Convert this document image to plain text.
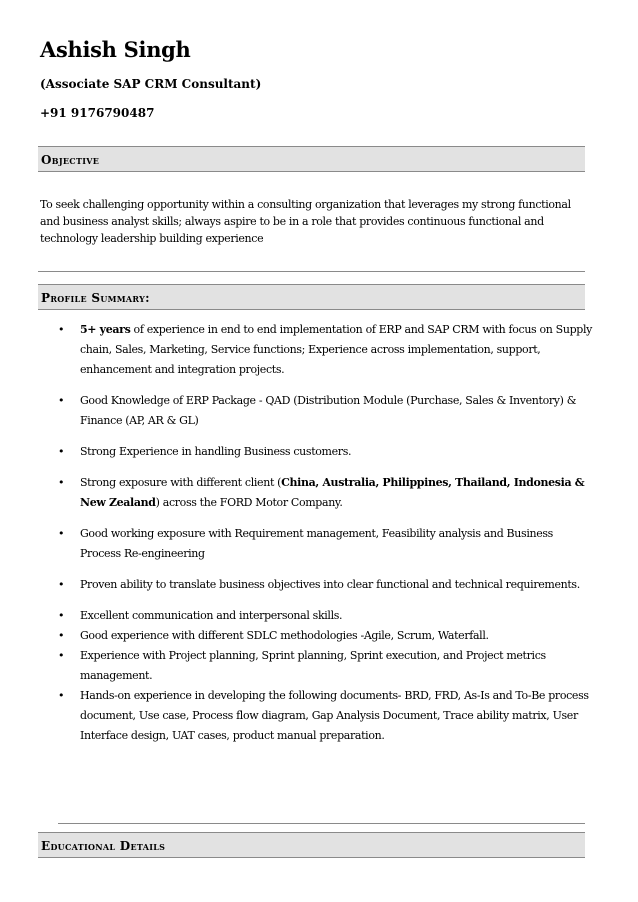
Ashish Singh
(Associate SAP CRM Consultant)
+91 9176790487
Objective
To seek challenging opportunity within a consulting organization that leverages my strong functional and business analyst skills; always aspire to be in a role that provides continuous functional and technology leadership building experience
Profile Summary:
• 5+ years of experience in end to end implementation of ERP and SAP CRM with focus on Supply chain, Sales, Marketing, Service functions; Experience across implementation, support, enhancement and integration projects.
• Good Knowledge of ERP Package - QAD (Distribution Module (Purchase, Sales & Inventory) & Finance (AP, AR & GL)
• Strong Experience in handling Business customers.
• Strong exposure with different client (China, Australia, Philippines, Thailand, Indonesia & New Zealand) across the FORD Motor Company.
• Good working exposure with Requirement management, Feasibility analysis and Business Process Re-engineering
• Proven ability to translate business objectives into clear functional and technical requirements.
• Excellent communication and interpersonal skills.
• Good experience with different SDLC methodologies -Agile, Scrum, Waterfall.
• Experience with Project planning, Sprint planning, Sprint execution, and Project metrics management.
• Hands-on experience in developing the following documents- BRD, FRD, As-Is and To-Be process document, Use case, Process flow diagram, Gap Analysis Document, Trace ability matrix, User Interface design, UAT cases, product manual preparation.
Educational Details
